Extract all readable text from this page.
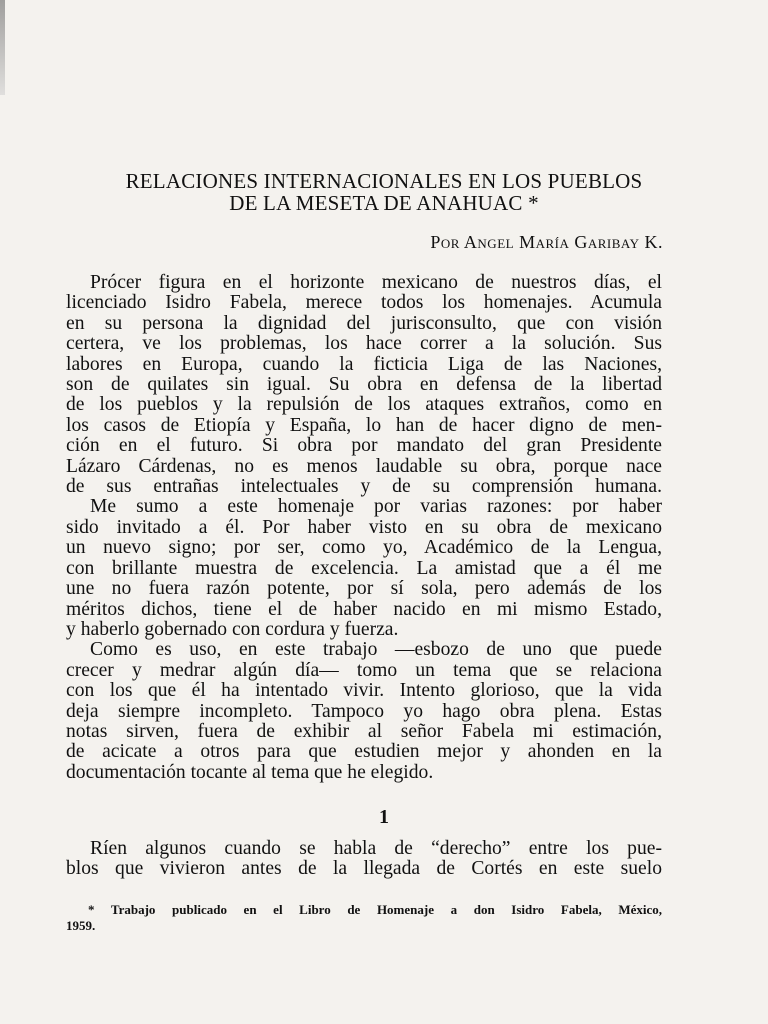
RELACIONES INTERNACIONALES EN LOS PUEBLOS
DE LA MESETA DE ANAHUAC *
Por Angel María Garibay K.
Prócer figura en el horizonte mexicano de nuestros días, el
licenciado Isidro Fabela, merece todos los homenajes. Acumula
en su persona la dignidad del jurisconsulto, que con visión
certera, ve los problemas, los hace correr a la solución. Sus
labores en Europa, cuando la ficticia Liga de las Naciones,
son de quilates sin igual. Su obra en defensa de la libertad
de los pueblos y la repulsión de los ataques extraños, como en
los casos de Etiopía y España, lo han de hacer digno de men-
ción en el futuro. Si obra por mandato del gran Presidente
Lázaro Cárdenas, no es menos laudable su obra, porque nace
de sus entrañas intelectuales y de su comprensión humana.
Me sumo a este homenaje por varias razones: por haber
sido invitado a él. Por haber visto en su obra de mexicano
un nuevo signo; por ser, como yo, Académico de la Lengua,
con brillante muestra de excelencia. La amistad que a él me
une no fuera razón potente, por sí sola, pero además de los
méritos dichos, tiene el de haber nacido en mi mismo Estado,
y haberlo gobernado con cordura y fuerza.
Como es uso, en este trabajo —esbozo de uno que puede
crecer y medrar algún día— tomo un tema que se relaciona
con los que él ha intentado vivir. Intento glorioso, que la vida
deja siempre incompleto. Tampoco yo hago obra plena. Estas
notas sirven, fuera de exhibir al señor Fabela mi estimación,
de acicate a otros para que estudien mejor y ahonden en la
documentación tocante al tema que he elegido.
1
Ríen algunos cuando se habla de “derecho” entre los pue-
blos que vivieron antes de la llegada de Cortés en este suelo
* Trabajo publicado en el Libro de Homenaje a don Isidro Fabela, México,
1959.
